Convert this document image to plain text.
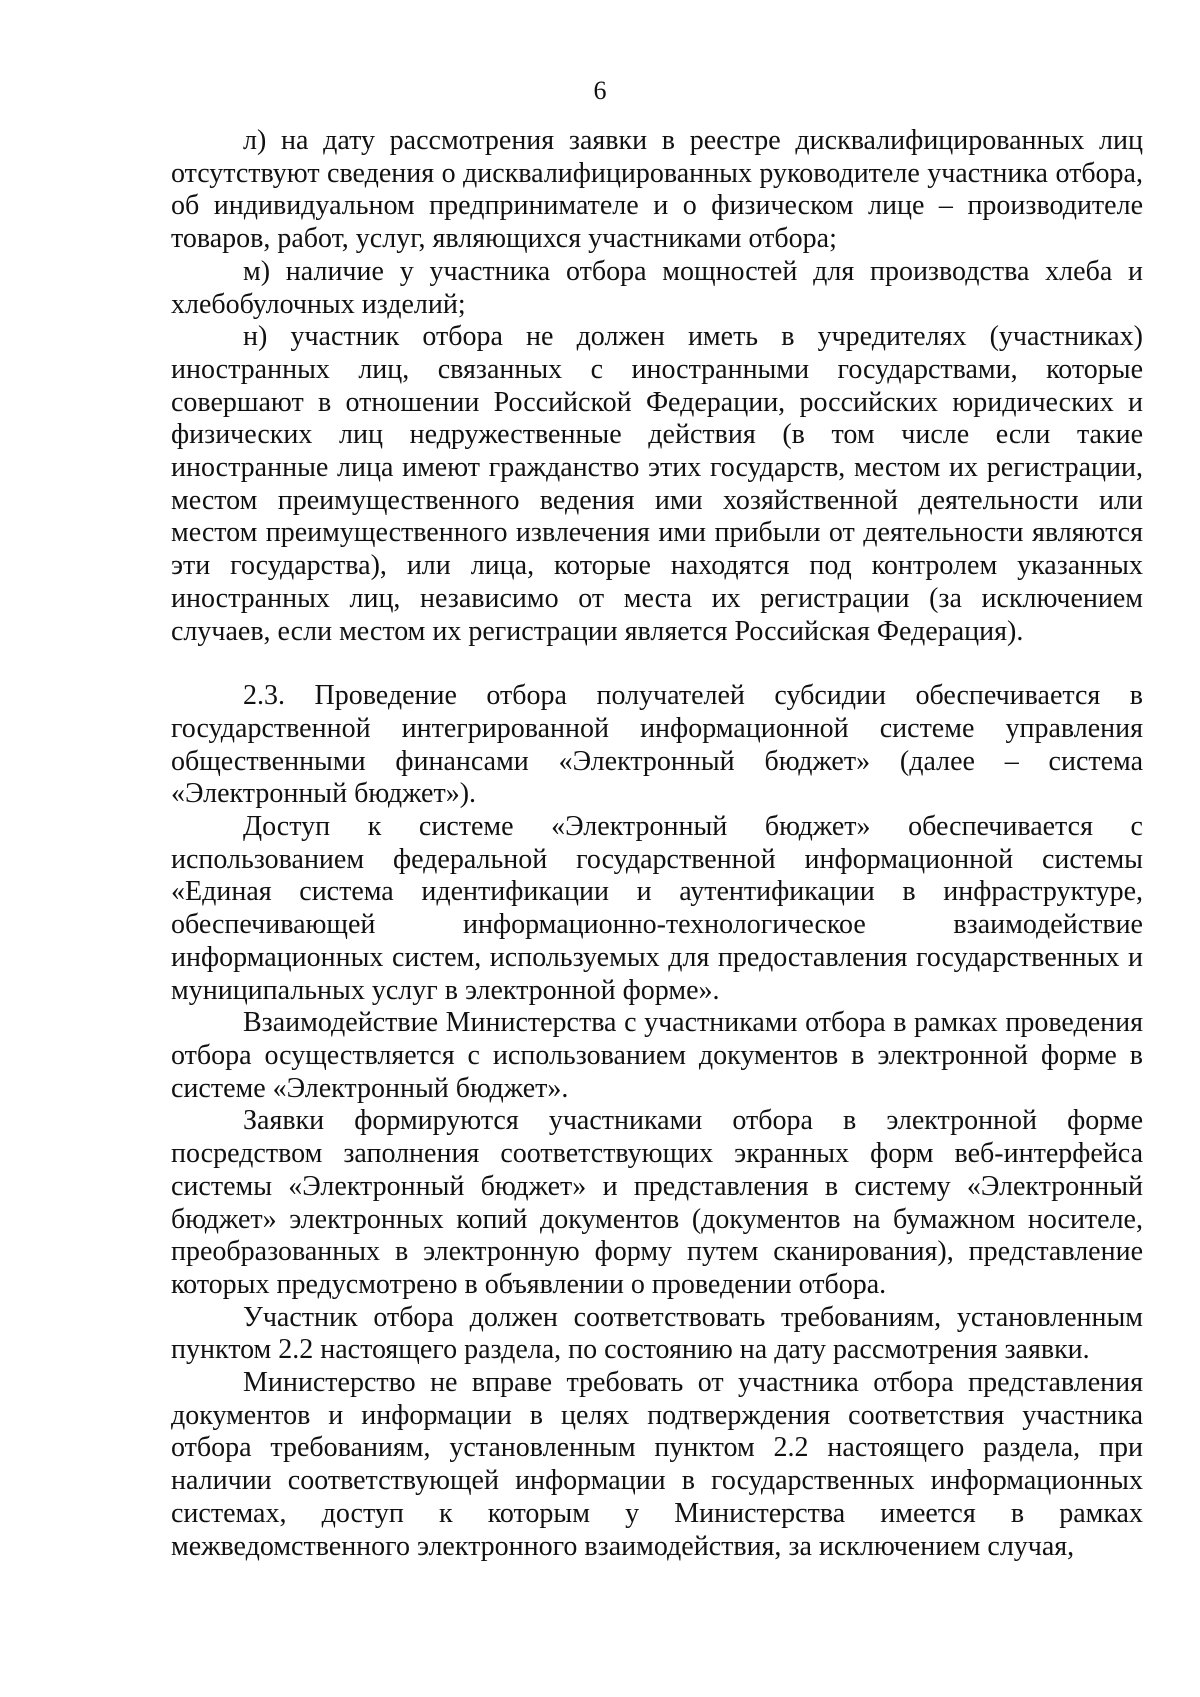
6

л) на дату рассмотрения заявки в реестре дисквалифицированных лиц отсутствуют сведения о дисквалифицированных руководителе участника отбора, об индивидуальном предпринимателе и о физическом лице – производителе товаров, работ, услуг, являющихся участниками отбора;

м) наличие у участника отбора мощностей для производства хлеба и хлебобулочных изделий;

н) участник отбора не должен иметь в учредителях (участниках) иностранных лиц, связанных с иностранными государствами, которые совершают в отношении Российской Федерации, российских юридических и физических лиц недружественные действия (в том числе если такие иностранные лица имеют гражданство этих государств, местом их регистрации, местом преимущественного ведения ими хозяйственной деятельности или местом преимущественного извлечения ими прибыли от деятельности являются эти государства), или лица, которые находятся под контролем указанных иностранных лиц, независимо от места их регистрации (за исключением случаев, если местом их регистрации является Российская Федерация).

2.3. Проведение отбора получателей субсидии обеспечивается в государственной интегрированной информационной системе управления общественными финансами «Электронный бюджет» (далее – система «Электронный бюджет»).

Доступ к системе «Электронный бюджет» обеспечивается с использованием федеральной государственной информационной системы «Единая система идентификации и аутентификации в инфраструктуре, обеспечивающей информационно-технологическое взаимодействие информационных систем, используемых для предоставления государственных и муниципальных услуг в электронной форме».

Взаимодействие Министерства с участниками отбора в рамках проведения отбора осуществляется с использованием документов в электронной форме в системе «Электронный бюджет».

Заявки формируются участниками отбора в электронной форме посредством заполнения соответствующих экранных форм веб-интерфейса системы «Электронный бюджет» и представления в систему «Электронный бюджет» электронных копий документов (документов на бумажном носителе, преобразованных в электронную форму путем сканирования), представление которых предусмотрено в объявлении о проведении отбора.

Участник отбора должен соответствовать требованиям, установленным пунктом 2.2 настоящего раздела, по состоянию на дату рассмотрения заявки.

Министерство не вправе требовать от участника отбора представления документов и информации в целях подтверждения соответствия участника отбора требованиям, установленным пунктом 2.2 настоящего раздела, при наличии соответствующей информации в государственных информационных системах, доступ к которым у Министерства имеется в рамках межведомственного электронного взаимодействия, за исключением случая,
